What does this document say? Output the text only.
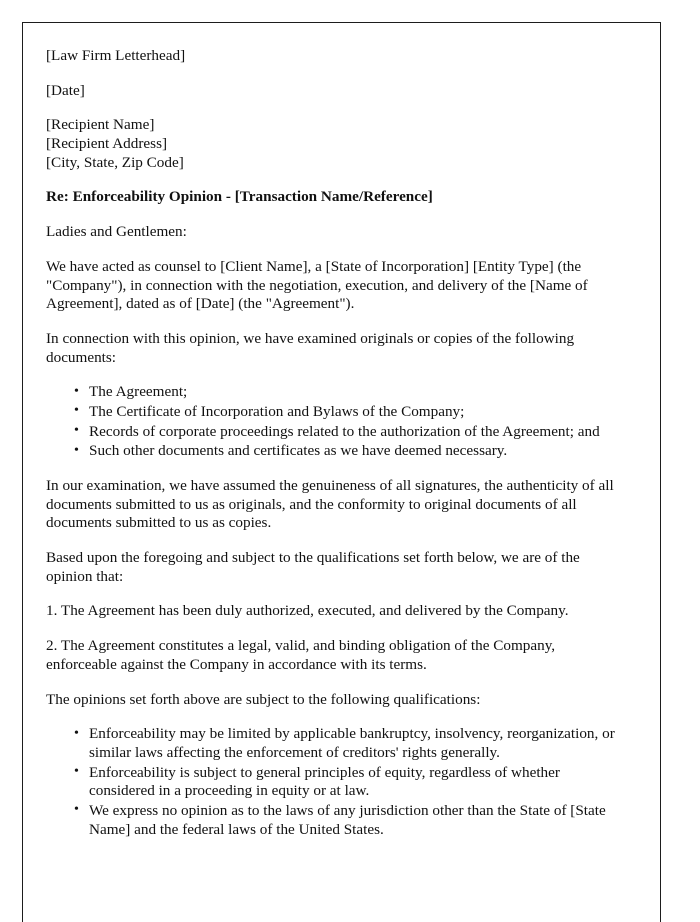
[Law Firm Letterhead]

[Date]

[Recipient Name]

[Recipient Address]

[City, State, Zip Code]

Re: Enforceability Opinion - [Transaction Name/Reference]

Ladies and Gentlemen:

We have acted as counsel to [Client Name], a [State of Incorporation] [Entity Type] (the "Company"), in connection with the negotiation, execution, and delivery of the [Name of Agreement], dated as of [Date] (the "Agreement").

In connection with this opinion, we have examined originals or copies of the following documents:

• The Agreement;
• The Certificate of Incorporation and Bylaws of the Company;
• Records of corporate proceedings related to the authorization of the Agreement; and
• Such other documents and certificates as we have deemed necessary.

In our examination, we have assumed the genuineness of all signatures, the authenticity of all documents submitted to us as originals, and the conformity to original documents of all documents submitted to us as copies.

Based upon the foregoing and subject to the qualifications set forth below, we are of the opinion that:

1. The Agreement has been duly authorized, executed, and delivered by the Company.

2. The Agreement constitutes a legal, valid, and binding obligation of the Company, enforceable against the Company in accordance with its terms.

The opinions set forth above are subject to the following qualifications:

• Enforceability may be limited by applicable bankruptcy, insolvency, reorganization, or similar laws affecting the enforcement of creditors' rights generally.
• Enforceability is subject to general principles of equity, regardless of whether considered in a proceeding in equity or at law.
• We express no opinion as to the laws of any jurisdiction other than the State of [State Name] and the federal laws of the United States.
